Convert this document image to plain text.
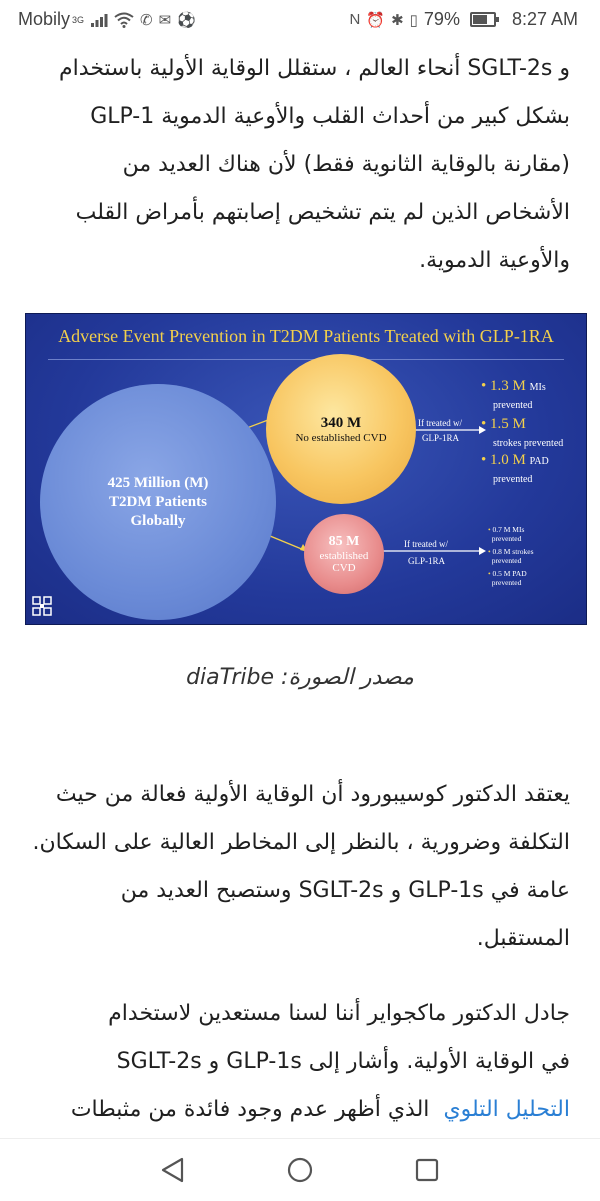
Mobily 3G	✆ ✉ ⚽	N ⏰ ✱ ▯ 79%	8:27 AM
و SGLT-2s أنحاء العالم ، ستقلل الوقاية الأولية باستخدام
بشكل كبير من أحداث القلب والأوعية الدموية GLP-1
(مقارنة بالوقاية الثانوية فقط) لأن هناك العديد من
الأشخاص الذين لم يتم تشخيص إصابتهم بأمراض القلب
والأوعية الدموية.
Adverse Event Prevention in T2DM Patients Treated with GLP-1RA
425 Million (M)
T2DM Patients
Globally
340 M
No established CVD
85 M
established
CVD
If treated w/
GLP-1RA
If treated w/
GLP-1RA
• 1.3 M MIs
prevented
• 1.5 M
strokes prevented
• 1.0 M PAD
prevented
• 0.7 M MIs
prevented
• 0.8 M strokes
prevented
• 0.5 M PAD
prevented
مصدر الصورة: diaTribe
يعتقد الدكتور كوسيبورود أن الوقاية الأولية فعالة من حيث
التكلفة وضرورية ، بالنظر إلى المخاطر العالية على السكان.
عامة في GLP-1s و SGLT-2s وستصبح العديد من
المستقبل.
جادل الدكتور ماكجواير أننا لسنا مستعدين لاستخدام
في الوقاية الأولية. وأشار إلى GLP-1s و SGLT-2s
التحليل التلوي  الذي أظهر عدم وجود فائدة من مثبطات
